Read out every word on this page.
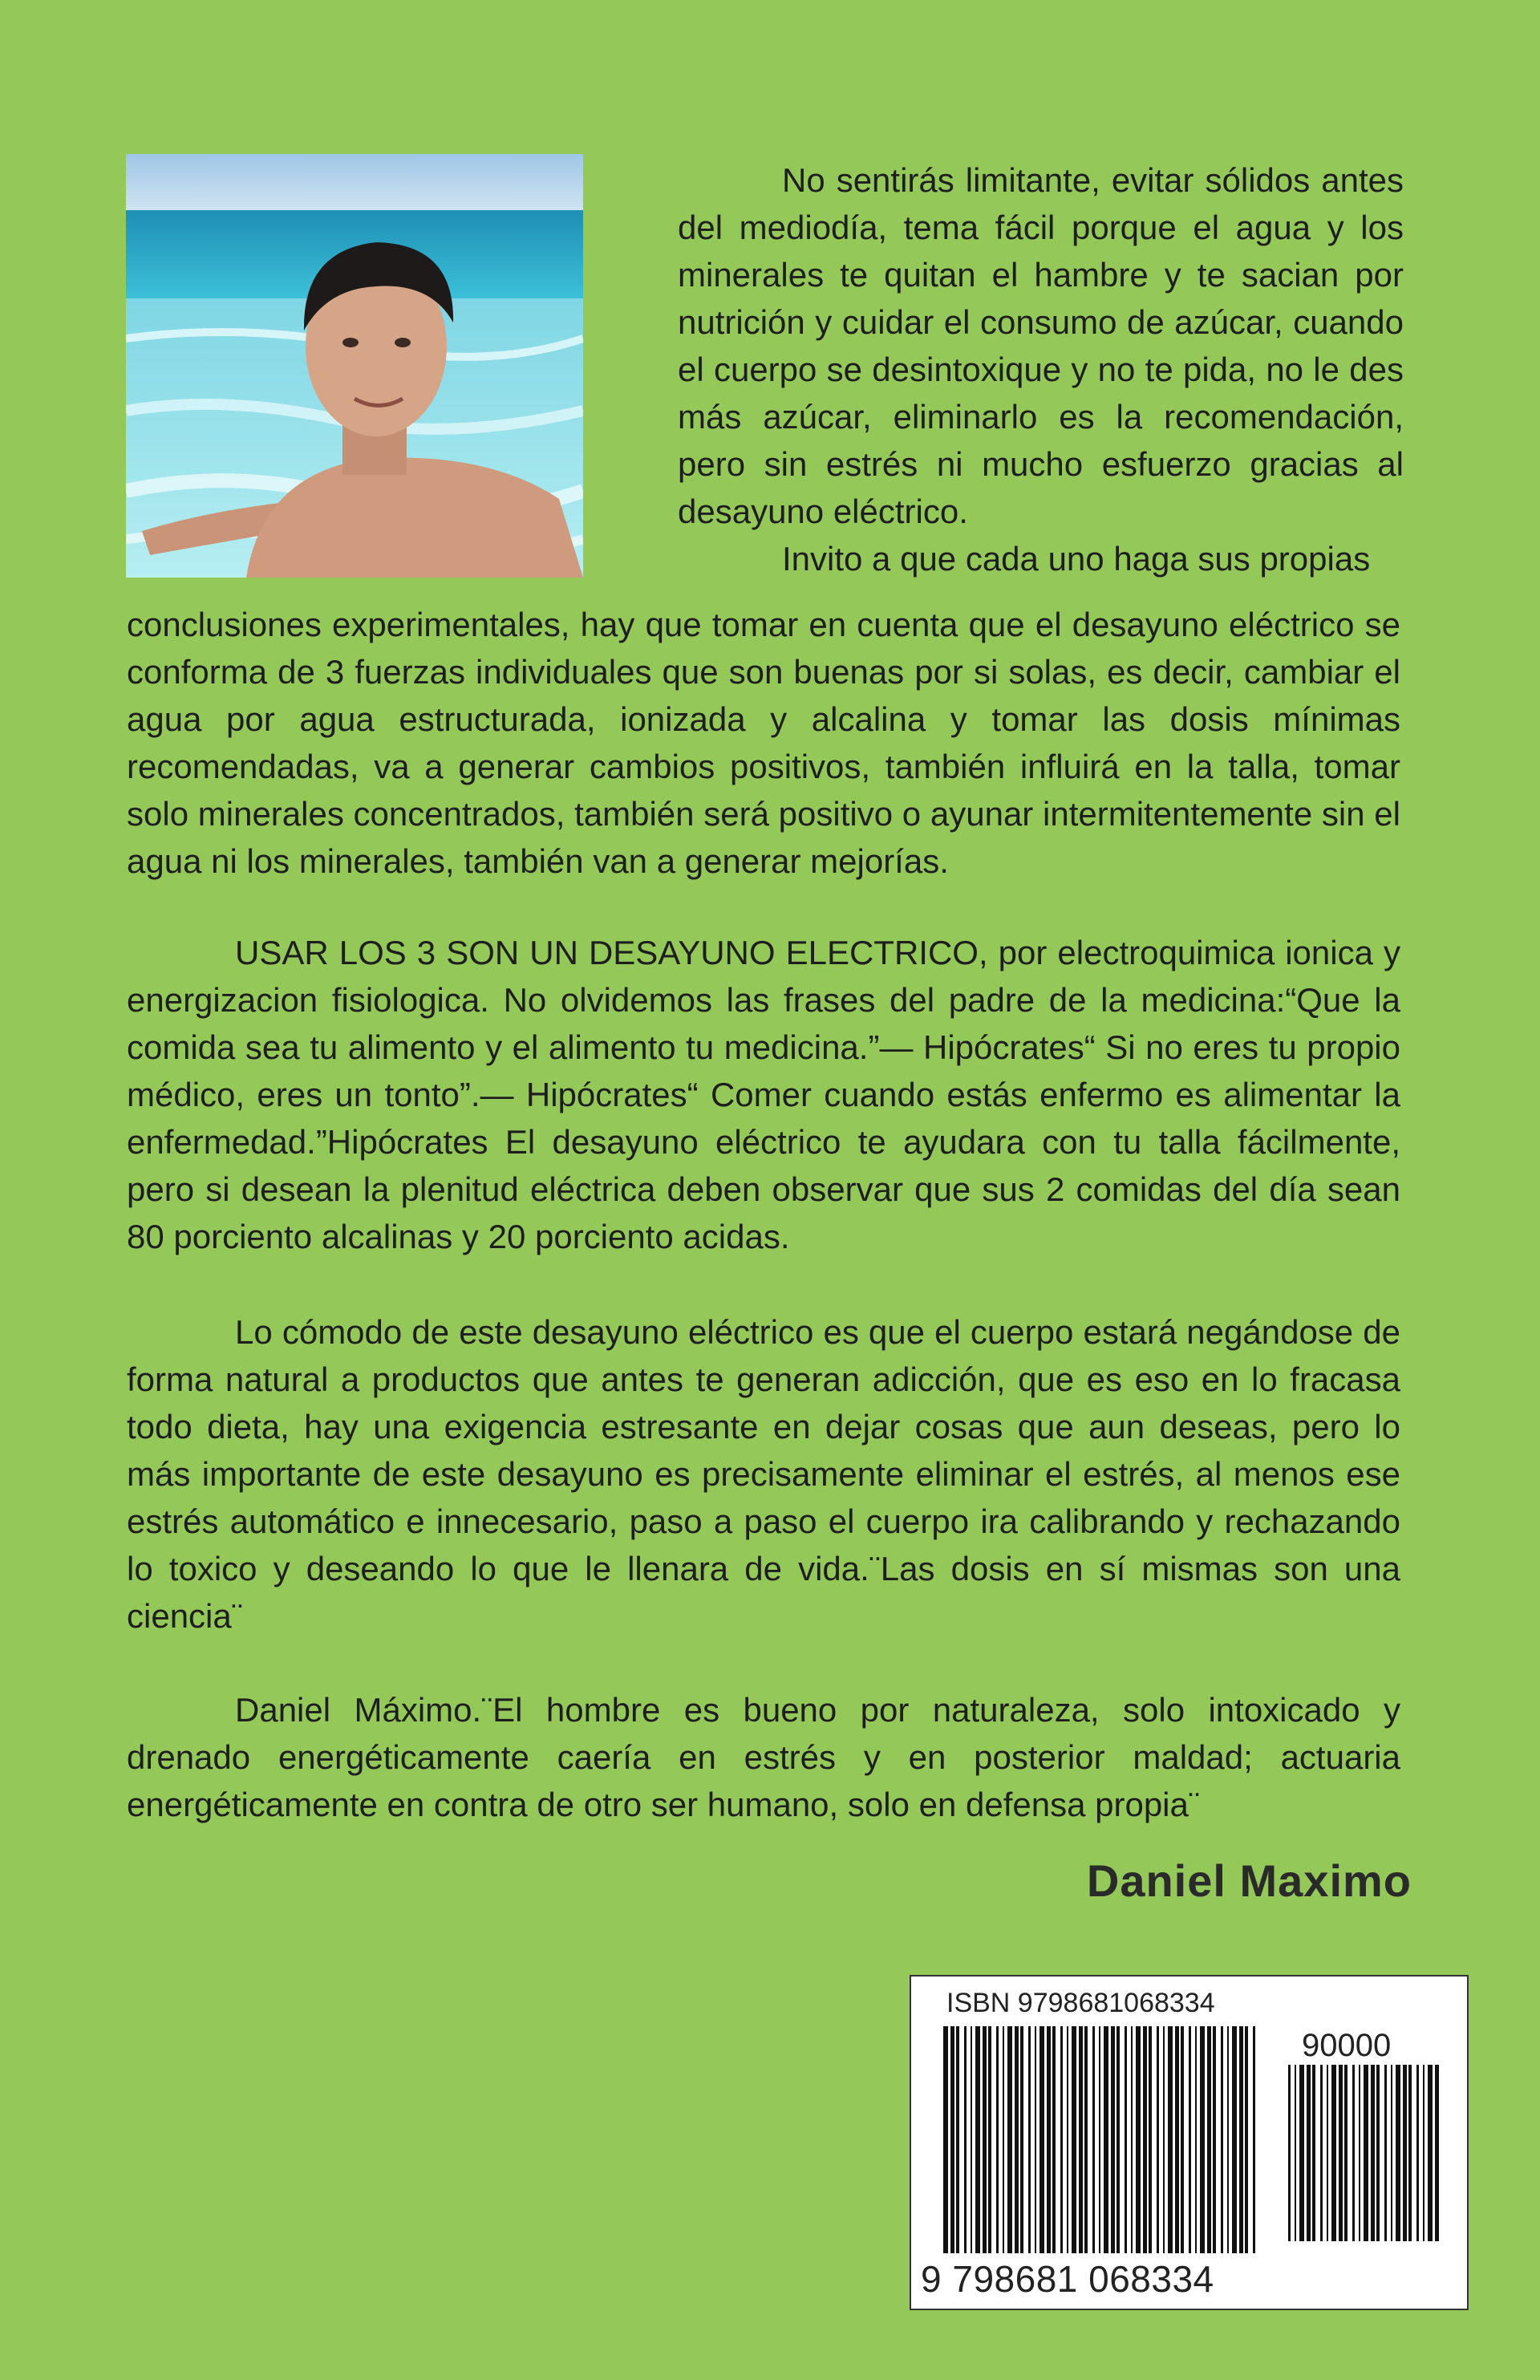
No sentirás limitante, evitar sólidos antes del mediodía, tema fácil porque el agua y los minerales te quitan el hambre y te sacian por nutrición y cuidar el consumo de azúcar, cuando el cuerpo se desintoxique y no te pida, no le des más azúcar, eliminarlo es la recomendación, pero sin estrés ni mucho esfuerzo gracias al desayuno eléctrico.
Invito a que cada uno haga sus propias

conclusiones experimentales, hay que tomar en cuenta que el desayuno eléctrico se conforma de 3 fuerzas individuales que son buenas por si solas, es decir, cambiar el agua por agua estructurada, ionizada y alcalina y tomar las dosis mínimas recomendadas, va a generar cambios positivos, también influirá en la talla, tomar solo minerales concentrados, también será positivo o ayunar intermitentemente sin el agua ni los minerales, también van a generar mejorías.

USAR LOS 3 SON UN DESAYUNO ELECTRICO, por electroquimica ionica y energizacion fisiologica. No olvidemos las frases del padre de la medicina:“Que la comida sea tu alimento y el alimento tu medicina.”— Hipócrates“ Si no eres tu propio médico, eres un tonto”.— Hipócrates“ Comer cuando estás enfermo es alimentar la enfermedad.”Hipócrates El desayuno eléctrico te ayudara con tu talla fácilmente, pero si desean la plenitud eléctrica deben observar que sus 2 comidas del día sean 80 porciento alcalinas y 20 porciento acidas.

Lo cómodo de este desayuno eléctrico es que el cuerpo estará negándose de forma natural a productos que antes te generan adicción, que es eso en lo fracasa todo dieta, hay una exigencia estresante en dejar cosas que aun deseas, pero lo más importante de este desayuno es precisamente eliminar el estrés, al menos ese estrés automático e innecesario, paso a paso el cuerpo ira calibrando y rechazando lo toxico y deseando lo que le llenara de vida.¨Las dosis en sí mismas son una ciencia¨

Daniel Máximo.¨El hombre es bueno por naturaleza, solo intoxicado y drenado energéticamente caería en estrés y en posterior maldad; actuaria energéticamente en contra de otro ser humano, solo en defensa propia¨

Daniel Maximo
ISBN 9798681068334
90000
9 798681 068334
